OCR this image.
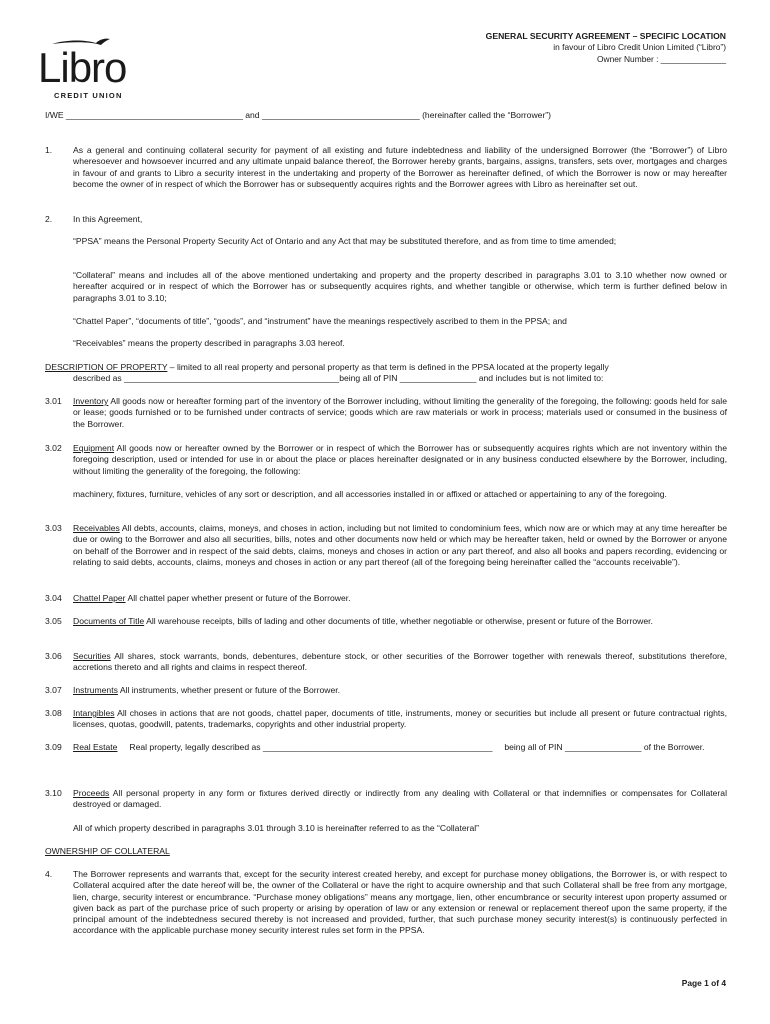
Libro
CREDIT UNION
GENERAL SECURITY AGREEMENT – SPECIFIC LOCATION
in favour of Libro Credit Union Limited (“Libro”)
Owner Number : ______________
I/WE _____________________________________ and _________________________________ (hereinafter called the “Borrower”)
1. As a general and continuing collateral security for payment of all existing and future indebtedness and liability of the undersigned Borrower (the “Borrower”) of Libro wheresoever and howsoever incurred and any ultimate unpaid balance thereof, the Borrower hereby grants, bargains, assigns, transfers, sets over, mortgages and charges in favour of and grants to Libro a security interest in the undertaking and property of the Borrower as hereinafter defined, of which the Borrower is now or may hereafter become the owner of in respect of which the Borrower has or subsequently acquires rights and the Borrower agrees with Libro as hereinafter set out.
2. In this Agreement,
“PPSA” means the Personal Property Security Act of Ontario and any Act that may be substituted therefore, and as from time to time amended;
“Collateral” means and includes all of the above mentioned undertaking and property and the property described in paragraphs 3.01 to 3.10 whether now owned or hereafter acquired or in respect of which the Borrower has or subsequently acquires rights, and whether tangible or otherwise, which term is further defined below in paragraphs 3.01 to 3.10;
“Chattel Paper”, “documents of title”, “goods”, and “instrument” have the meanings respectively ascribed to them in the PPSA; and
“Receivables” means the property described in paragraphs 3.03 hereof.
DESCRIPTION OF PROPERTY – limited to all real property and personal property as that term is defined in the PPSA located at the property legally
described as _____________________________________________being all of PIN ________________ and includes but is not limited to:
3.01 Inventory All goods now or hereafter forming part of the inventory of the Borrower including, without limiting the generality of the foregoing, the following: goods held for sale or lease; goods furnished or to be furnished under contracts of service; goods which are raw materials or work in process; materials used or consumed in the business of the Borrower.
3.02 Equipment All goods now or hereafter owned by the Borrower or in respect of which the Borrower has or subsequently acquires rights which are not inventory within the foregoing description, used or intended for use in or about the place or places hereinafter designated or in any business conducted elsewhere by the Borrower, including, without limiting the generality of the foregoing, the following:
machinery, fixtures, furniture, vehicles of any sort or description, and all accessories installed in or affixed or attached or appertaining to any of the foregoing.
3.03 Receivables All debts, accounts, claims, moneys, and choses in action, including but not limited to condominium fees, which now are or which may at any time hereafter be due or owing to the Borrower and also all securities, bills, notes and other documents now held or which may be hereafter taken, held or owned by the Borrower or anyone on behalf of the Borrower and in respect of the said debts, claims, moneys and choses in action or any part thereof, and also all books and papers recording, evidencing or relating to said debts, accounts, claims, moneys and choses in action or any part thereof (all of the foregoing being hereinafter called the “accounts receivable”).
3.04 Chattel Paper All chattel paper whether present or future of the Borrower.
3.05 Documents of Title All warehouse receipts, bills of lading and other documents of title, whether negotiable or otherwise, present or future of the Borrower.
3.06 Securities All shares, stock warrants, bonds, debentures, debenture stock, or other securities of the Borrower together with renewals thereof, substitutions therefore, accretions thereto and all rights and claims in respect thereof.
3.07 Instruments All instruments, whether present or future of the Borrower.
3.08 Intangibles All choses in actions that are not goods, chattel paper, documents of title, instruments, money or securities but include all present or future contractual rights, licenses, quotas, goodwill, patents, trademarks, copyrights and other industrial property.
3.09 Real Estate     Real property, legally described as ________________________________________________     being all of PIN ________________ of the Borrower.
3.10 Proceeds All personal property in any form or fixtures derived directly or indirectly from any dealing with Collateral or that indemnifies or compensates for Collateral destroyed or damaged.
All of which property described in paragraphs 3.01 through 3.10 is hereinafter referred to as the “Collateral”
OWNERSHIP OF COLLATERAL
4. The Borrower represents and warrants that, except for the security interest created hereby, and except for purchase money obligations, the Borrower is, or with respect to Collateral acquired after the date hereof will be, the owner of the Collateral or have the right to acquire ownership and that such Collateral shall be free from any mortgage, lien, charge, security interest or encumbrance. “Purchase money obligations” means any mortgage, lien, other encumbrance or security interest upon property assumed or given back as part of the purchase price of such property or arising by operation of law or any extension or renewal or replacement thereof upon the same property, if the principal amount of the indebtedness secured thereby is not increased and provided, further, that such purchase money security interest(s) is continuously perfected in accordance with the applicable purchase money security interest rules set form in the PPSA.
Page 1 of 4
